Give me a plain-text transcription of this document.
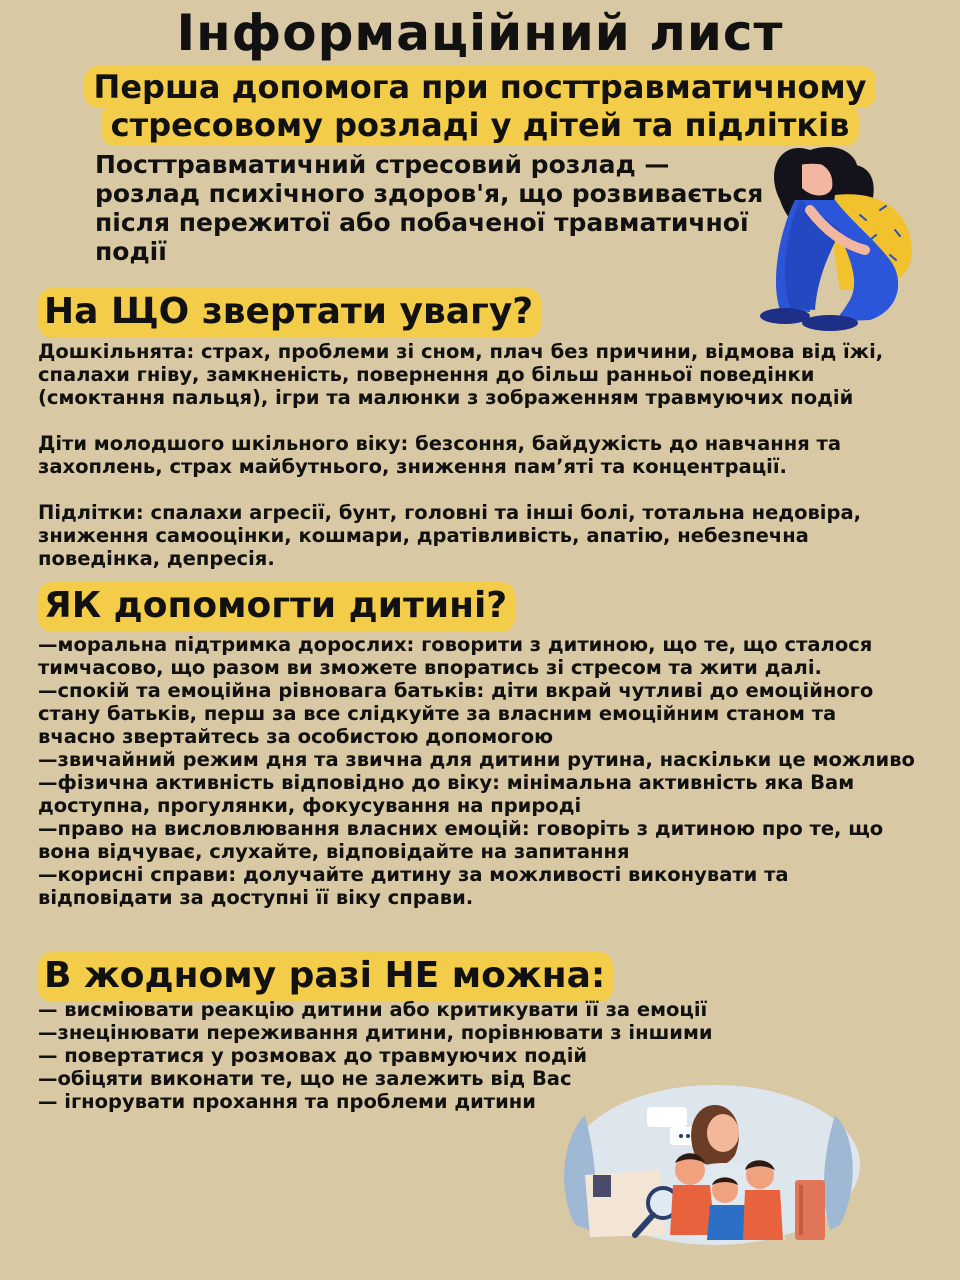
Інформаційний лист
Перша допомога при посттравматичному стресовому розладі у дітей та підлітків

Посттравматичний стресовий розлад — розлад психічного здоров'я, що розвивається після пережитої або побаченої травматичної події

На ЩО звертати увагу?

Дошкільнята: страх, проблеми зі сном, плач без причини, відмова від їжі, спалахи гніву, замкненість, повернення до більш ранньої поведінки (смоктання пальця), ігри та малюнки з зображенням травмуючих подій

Діти молодшого шкільного віку: безсоння, байдужість до навчання та захоплень, страх майбутнього, зниження пам’яті та концентрації.

Підлітки: спалахи агресії, бунт, головні та інші болі, тотальна недовіра, зниження самооцінки, кошмари, дратівливість, апатію, небезпечна поведінка, депресія.

ЯК допомогти дитині?
—моральна підтримка дорослих: говорити з дитиною, що те, що сталося тимчасово, що разом ви зможете впоратись зі стресом та жити далі.
—спокій та емоційна рівновага батьків: діти вкрай чутливі до емоційного стану батьків, перш за все слідкуйте за власним емоційним станом та вчасно звертайтесь за особистою допомогою
—звичайний режим дня та звична для дитини рутина, наскільки це можливо
—фізична активність відповідно до віку: мінімальна активність яка Вам доступна, прогулянки, фокусування на природі
—право на висловлювання власних емоцій: говоріть з дитиною про те, що вона відчуває, слухайте, відповідайте на запитання
—корисні справи: долучайте дитину за можливості виконувати та відповідати за доступні її віку справи.
В жодному разі НЕ можна:
— висміювати реакцію дитини або критикувати її за емоції
—знецінювати переживання дитини, порівнювати з іншими
— повертатися у розмовах до травмуючих подій
—обіцяти виконати те, що не залежить від Вас
— ігнорувати прохання та проблеми дитини
